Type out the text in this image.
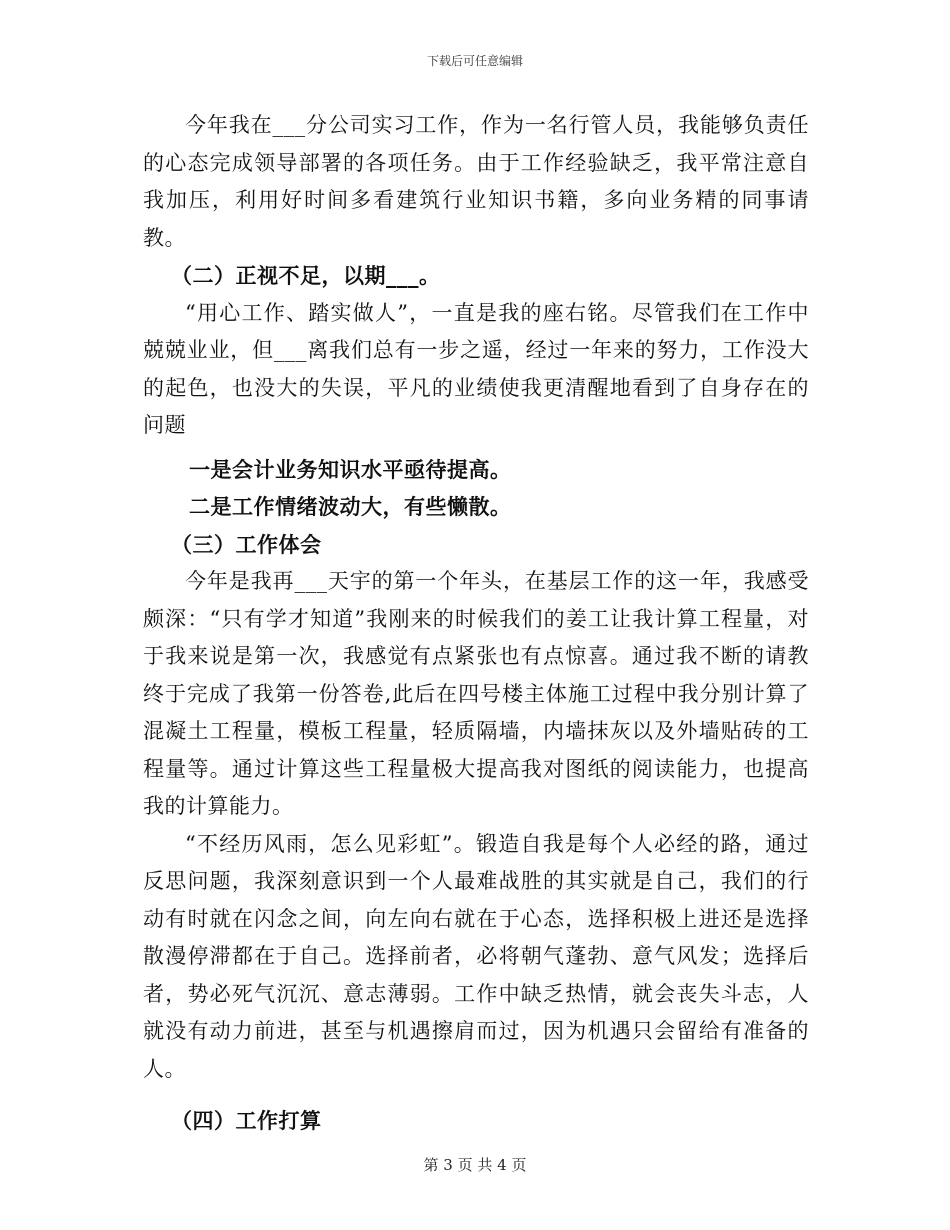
下载后可任意编辑

今年我在___分公司实习工作，作为一名行管人员，我能够负责任的心态完成领导部署的各项任务。由于工作经验缺乏，我平常注意自我加压，利用好时间多看建筑行业知识书籍，多向业务精的同事请教。

（二）正视不足，以期___。

“用心工作、踏实做人”，一直是我的座右铭。尽管我们在工作中兢兢业业，但___离我们总有一步之遥，经过一年来的努力，工作没大的起色，也没大的失误，平凡的业绩使我更清醒地看到了自身存在的问题

一是会计业务知识水平亟待提高。

二是工作情绪波动大，有些懒散。

（三）工作体会

今年是我再___天宇的第一个年头，在基层工作的这一年，我感受颇深：“只有学才知道”我刚来的时候我们的姜工让我计算工程量，对于我来说是第一次，我感觉有点紧张也有点惊喜。通过我不断的请教终于完成了我第一份答卷,此后在四号楼主体施工过程中我分别计算了混凝土工程量，模板工程量，轻质隔墙，内墙抹灰以及外墙贴砖的工程量等。通过计算这些工程量极大提高我对图纸的阅读能力，也提高我的计算能力。

“不经历风雨，怎么见彩虹”。锻造自我是每个人必经的路，通过反思问题，我深刻意识到一个人最难战胜的其实就是自己，我们的行动有时就在闪念之间，向左向右就在于心态，选择积极上进还是选择散漫停滞都在于自己。选择前者，必将朝气蓬勃、意气风发；选择后者，势必死气沉沉、意志薄弱。工作中缺乏热情，就会丧失斗志，人就没有动力前进，甚至与机遇擦肩而过，因为机遇只会留给有准备的人。

（四）工作打算

第 3 页 共 4 页
